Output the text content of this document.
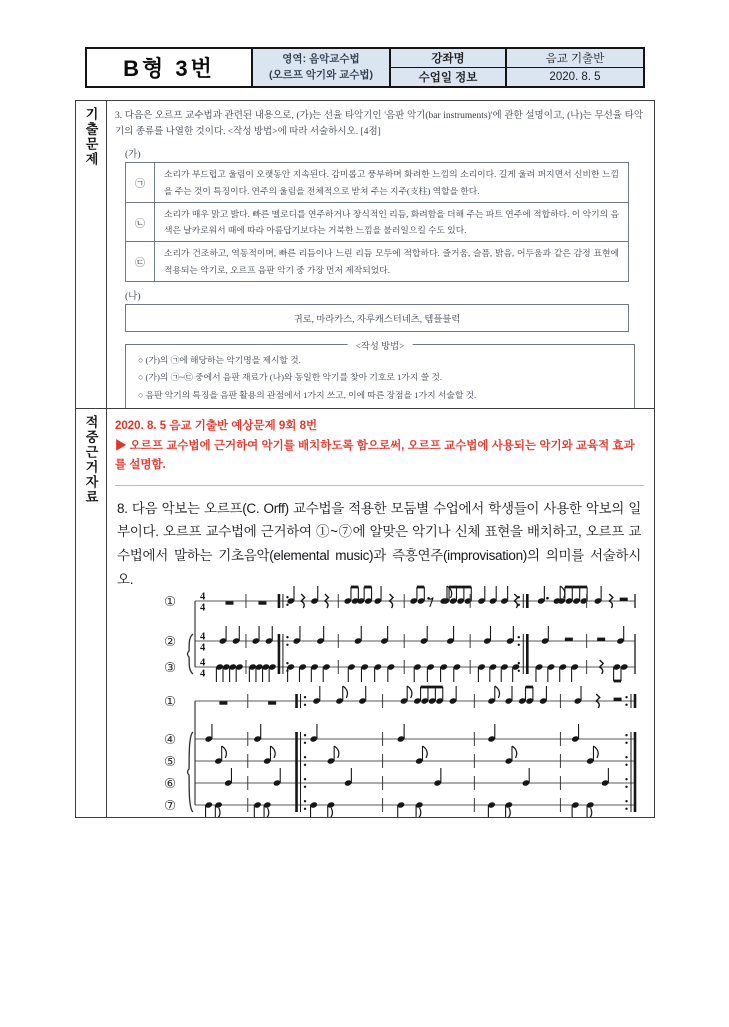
B형 3번	영역: 음악교수법
(오르프 악기와 교수법)
강좌명	음교 기출반
수업일 정보	2020. 8. 5
기출문제 3. 다음은 오르프 교수법과 관련된 내용으로, (가)는 선율 타악기인 '음판 악기(bar instruments)'에 관한 설명이고, (나)는 무선율 타악기의 종류를 나열한 것이다. <작성 방법>에 따라 서술하시오. [4점]
(가)
㉠	소리가 부드럽고 울림이 오랫동안 지속된다. 감미롭고 풍부하며 화려한 느낌의 소리이다. 길게 울려 퍼지면서 신비한 느낌을 주는 것이 특징이다. 연주의 울림을 전체적으로 받쳐 주는 지주(支柱) 역할을 한다.
㉡	소리가 매우 맑고 밝다. 빠른 멜로디를 연주하거나 장식적인 리듬, 화려함을 더해 주는 파트 연주에 적합하다. 이 악기의 음색은 날카로워서 때에 따라 아름답기보다는 거북한 느낌을 불러일으킬 수도 있다.
㉢	소리가 건조하고, 역동적이며, 빠른 리듬이나 느린 리듬 모두에 적합하다. 즐거움, 슬픔, 밝음, 어두움과 같은 감정 표현에 적용되는 악기로, 오르프 음판 악기 중 가장 먼저 제작되었다.
(나)
귀로, 마라카스, 자루캐스터네츠, 템플블럭
<작성 방법>
○ (가)의 ㉠에 해당하는 악기명을 제시할 것.
○ (가)의 ㉠~㉢ 중에서 음판 재료가 (나)와 동일한 악기를 찾아 기호로 1가지 쓸 것.
○ 음판 악기의 특징을 음판 활용의 관점에서 1가지 쓰고, 이에 따른 장점을 1가지 서술할 것.
적중근거자료 2020. 8. 5 음교 기출반 예상문제 9회 8번
▶ 오르프 교수법에 근거하여 악기를 배치하도록 함으로써, 오르프 교수법에 사용되는 악기와 교육적 효과를 설명함.
8. 다음 악보는 오르프(C. Orff) 교수법을 적용한 모둠별 수업에서 학생들이 사용한 악보의 일부이다. 오르프 교수법에 근거하여 ①~⑦에 알맞은 악기나 신체 표현을 배치하고, 오르프 교수법에서 말하는 기초음악(elemental music)과 즉흥연주(improvisation)의 의미를 서술하시오.
① 4
4
② 4
4
③ 4
4
①
④
⑤
⑥
⑦
